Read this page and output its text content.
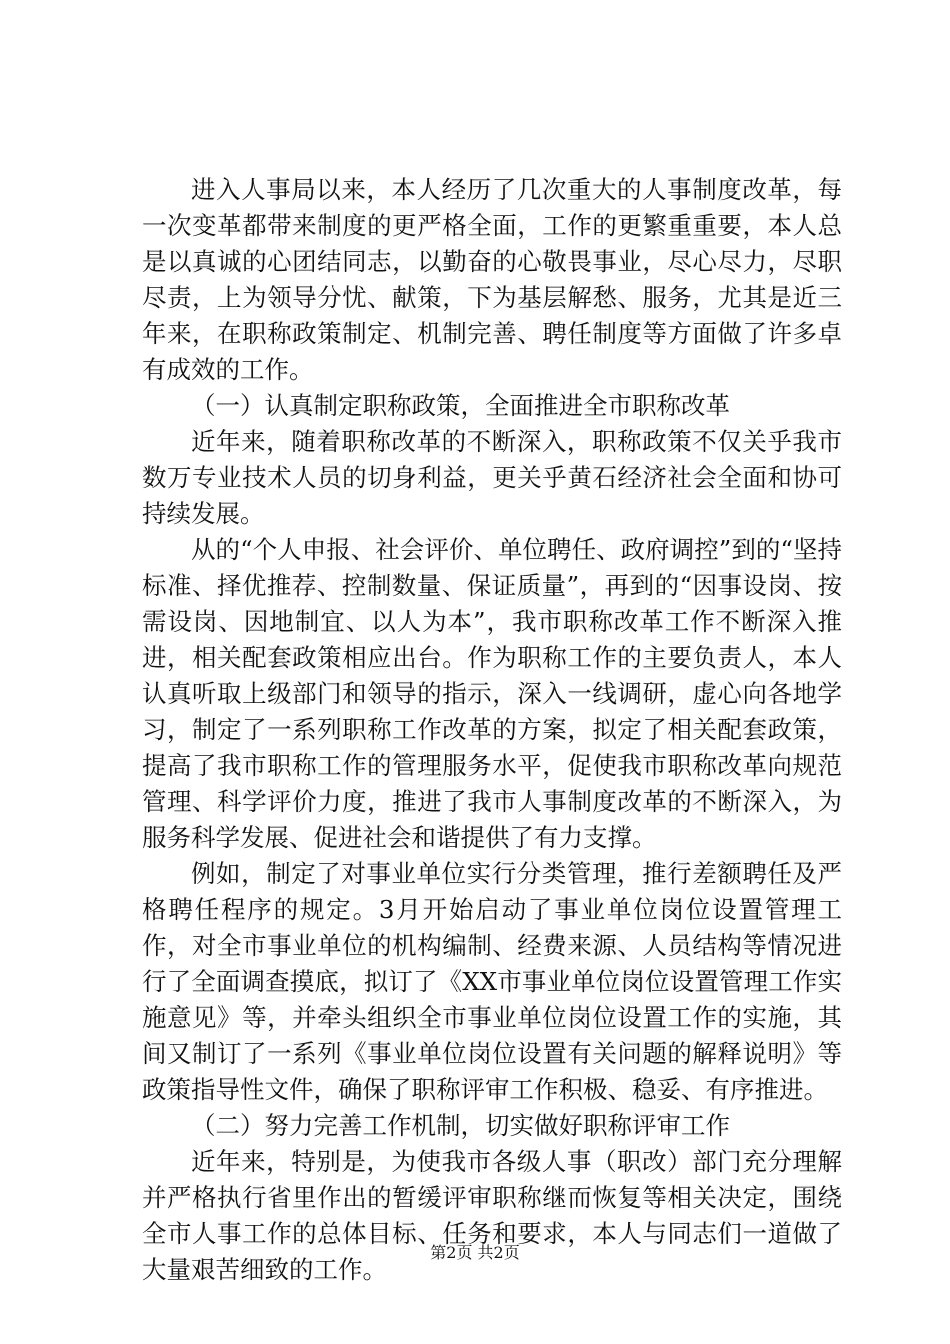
进入人事局以来，本人经历了几次重大的人事制度改革，每一次变革都带来制度的更严格全面，工作的更繁重重要，本人总是以真诚的心团结同志，以勤奋的心敬畏事业，尽心尽力，尽职尽责，上为领导分忧、献策，下为基层解愁、服务，尤其是近三年来，在职称政策制定、机制完善、聘任制度等方面做了许多卓有成效的工作。

（一）认真制定职称政策，全面推进全市职称改革

近年来，随着职称改革的不断深入，职称政策不仅关乎我市数万专业技术人员的切身利益，更关乎黄石经济社会全面和协可持续发展。

从的“个人申报、社会评价、单位聘任、政府调控”到的“坚持标准、择优推荐、控制数量、保证质量”，再到的“因事设岗、按需设岗、因地制宜、以人为本”，我市职称改革工作不断深入推进，相关配套政策相应出台。作为职称工作的主要负责人，本人认真听取上级部门和领导的指示，深入一线调研，虚心向各地学习，制定了一系列职称工作改革的方案，拟定了相关配套政策，提高了我市职称工作的管理服务水平，促使我市职称改革向规范管理、科学评价力度，推进了我市人事制度改革的不断深入，为服务科学发展、促进社会和谐提供了有力支撑。

例如，制定了对事业单位实行分类管理，推行差额聘任及严格聘任程序的规定。3月开始启动了事业单位岗位设置管理工作，对全市事业单位的机构编制、经费来源、人员结构等情况进行了全面调查摸底，拟订了《XX市事业单位岗位设置管理工作实施意见》等，并牵头组织全市事业单位岗位设置工作的实施，其间又制订了一系列《事业单位岗位设置有关问题的解释说明》等政策指导性文件，确保了职称评审工作积极、稳妥、有序推进。

（二）努力完善工作机制，切实做好职称评审工作

近年来，特别是，为使我市各级人事（职改）部门充分理解并严格执行省里作出的暂缓评审职称继而恢复等相关决定，围绕全市人事工作的总体目标、任务和要求，本人与同志们一道做了大量艰苦细致的工作。

第2页 共2页
